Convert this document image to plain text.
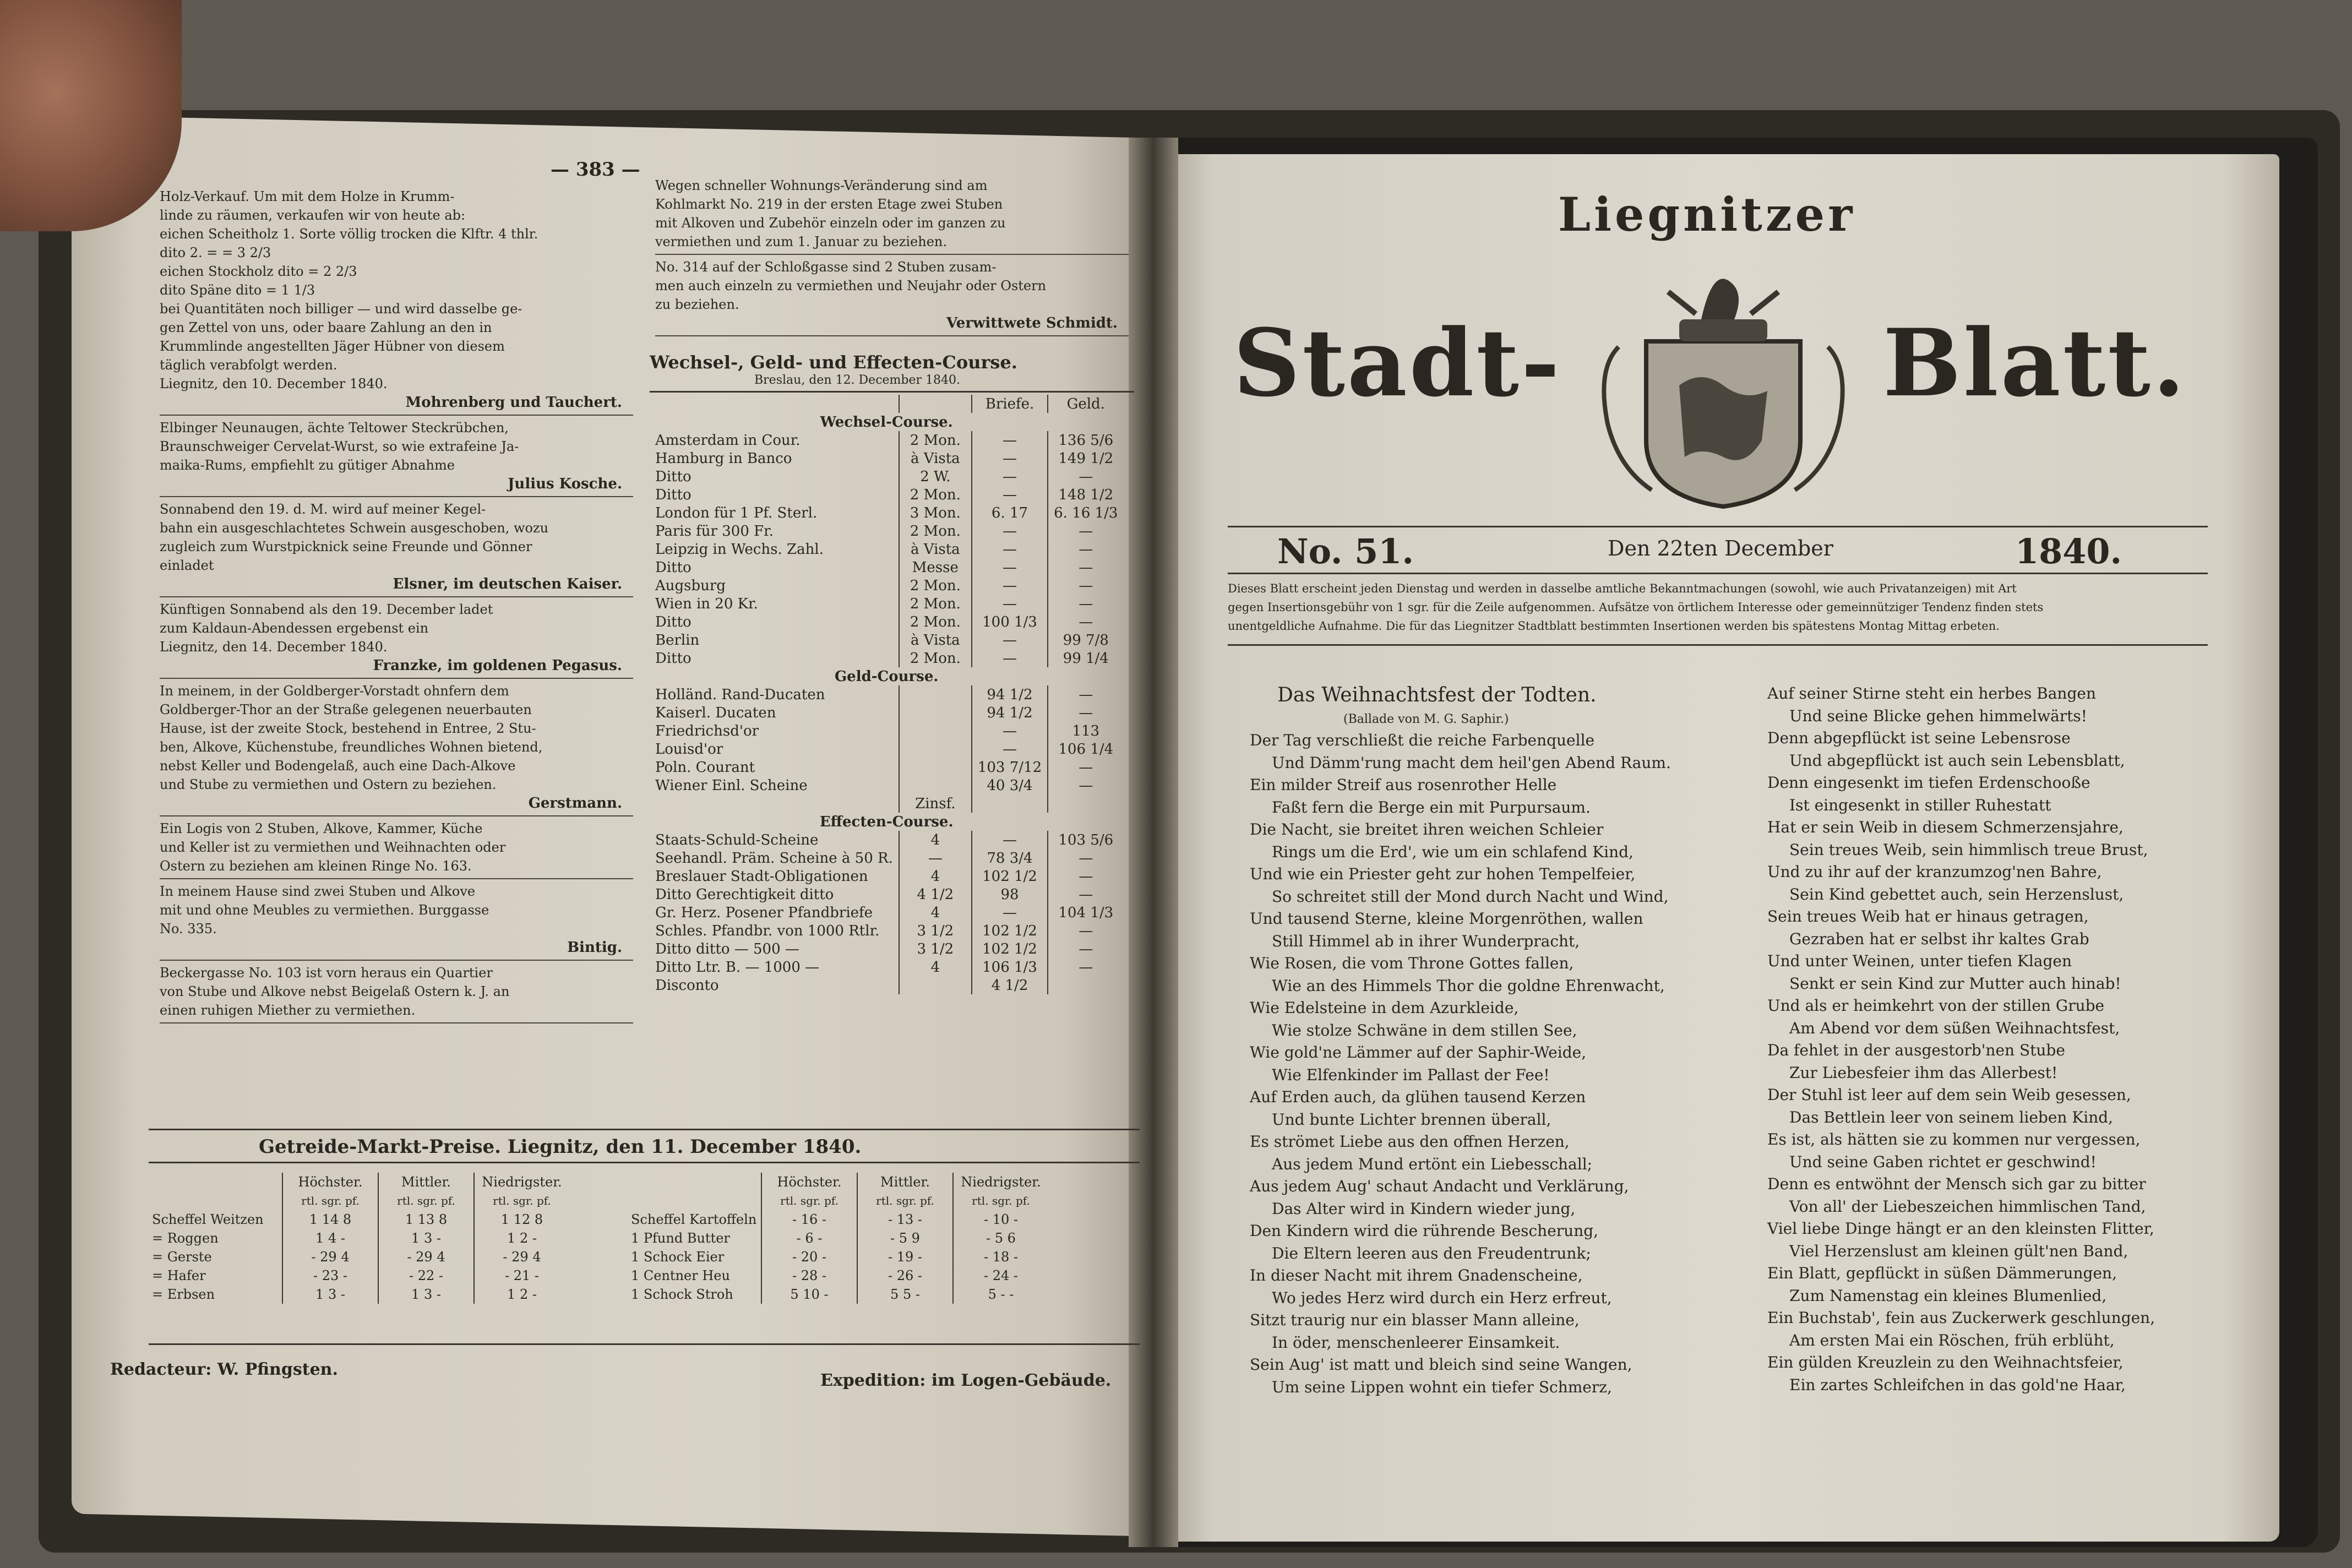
— 383 —
Holz-Verkauf. Um mit dem Holze in Krumm-
linde zu räumen, verkaufen wir von heute ab:
eichen Scheitholz 1. Sorte völlig trocken die Klftr. 4 thlr.
dito 2. = = 3 2/3
eichen Stockholz dito = 2 2/3
dito Späne dito = 1 1/3
bei Quantitäten noch billiger — und wird dasselbe ge-
gen Zettel von uns, oder baare Zahlung an den in
Krummlinde angestellten Jäger Hübner von diesem
täglich verabfolgt werden.
Liegnitz, den 10. December 1840.
Mohrenberg und Tauchert.
Elbinger Neunaugen, ächte Teltower Steckrübchen,
Braunschweiger Cervelat-Wurst, so wie extrafeine Ja-
maika-Rums, empfiehlt zu gütiger Abnahme
Julius Kosche.
Sonnabend den 19. d. M. wird auf meiner Kegel-
bahn ein ausgeschlachtetes Schwein ausgeschoben, wozu
zugleich zum Wurstpicknick seine Freunde und Gönner
einladet
Elsner, im deutschen Kaiser.
Künftigen Sonnabend als den 19. December ladet
zum Kaldaun-Abendessen ergebenst ein
Liegnitz, den 14. December 1840.
Franzke, im goldenen Pegasus.
In meinem, in der Goldberger-Vorstadt ohnfern dem
Goldberger-Thor an der Straße gelegenen neuerbauten
Hause, ist der zweite Stock, bestehend in Entree, 2 Stu-
ben, Alkove, Küchenstube, freundliches Wohnen bietend,
nebst Keller und Bodengelaß, auch eine Dach-Alkove
und Stube zu vermiethen und Ostern zu beziehen.
Gerstmann.
Ein Logis von 2 Stuben, Alkove, Kammer, Küche
und Keller ist zu vermiethen und Weihnachten oder
Ostern zu beziehen am kleinen Ringe No. 163.
In meinem Hause sind zwei Stuben und Alkove
mit und ohne Meubles zu vermiethen. Burggasse
No. 335.
Bintig.
Beckergasse No. 103 ist vorn heraus ein Quartier
von Stube und Alkove nebst Beigelaß Ostern k. J. an
einen ruhigen Miether zu vermiethen.
Wegen schneller Wohnungs-Veränderung sind am
Kohlmarkt No. 219 in der ersten Etage zwei Stuben
mit Alkoven und Zubehör einzeln oder im ganzen zu
vermiethen und zum 1. Januar zu beziehen.
No. 314 auf der Schloßgasse sind 2 Stuben zusam-
men auch einzeln zu vermiethen und Neujahr oder Ostern
zu beziehen.
Verwittwete Schmidt.
Wechsel-, Geld- und Effecten-Course.
Breslau, den 12. December 1840.
		Briefe.	Geld.
Wechsel-Course.			
Amsterdam in Cour.	2 Mon.	—	136 5/6
Hamburg in Banco	à Vista	—	149 1/2
Ditto	2 W.	—	—
Ditto	2 Mon.	—	148 1/2
London für 1 Pf. Sterl.	3 Mon.	6. 17	6. 16 1/3
Paris für 300 Fr.	2 Mon.	—	—
Leipzig in Wechs. Zahl.	à Vista	—	—
Ditto	Messe	—	—
Augsburg	2 Mon.	—	—
Wien in 20 Kr.	2 Mon.	—	—
Ditto	2 Mon.	100 1/3	—
Berlin	à Vista	—	99 7/8
Ditto	2 Mon.	—	99 1/4
Geld-Course.			
Holländ. Rand-Ducaten		94 1/2	—
Kaiserl. Ducaten		94 1/2	—
Friedrichsd'or		—	113
Louisd'or		—	106 1/4
Poln. Courant		103 7/12	—
Wiener Einl. Scheine		40 3/4	—
	Zinsf.		
Effecten-Course.			
Staats-Schuld-Scheine	4	—	103 5/6
Seehandl. Präm. Scheine à 50 R.	—	78 3/4	—
Breslauer Stadt-Obligationen	4	102 1/2	—
Ditto Gerechtigkeit ditto	4 1/2	98	—
Gr. Herz. Posener Pfandbriefe	4	—	104 1/3
Schles. Pfandbr. von 1000 Rtlr.	3 1/2	102 1/2	—
Ditto ditto — 500 —	3 1/2	102 1/2	—
Ditto Ltr. B. — 1000 —	4	106 1/3	—
Disconto		4 1/2	
Getreide-Markt-Preise. Liegnitz, den 11. December 1840.
	Höchster.	Mittler.	Niedrigster.
	rtl. sgr. pf.	rtl. sgr. pf.	rtl. sgr. pf.
Scheffel Weitzen	1 14 8	1 13 8	1 12 8
= Roggen	1 4 -	1 3 -	1 2 -
= Gerste	- 29 4	- 29 4	- 29 4
= Hafer	- 23 -	- 22 -	- 21 -
= Erbsen	1 3 -	1 3 -	1 2 -
	Höchster.	Mittler.	Niedrigster.
	rtl. sgr. pf.	rtl. sgr. pf.	rtl. sgr. pf.
Scheffel Kartoffeln	- 16 -	- 13 -	- 10 -
1 Pfund Butter	- 6 -	- 5 9	- 5 6
1 Schock Eier	- 20 -	- 19 -	- 18 -
1 Centner Heu	- 28 -	- 26 -	- 24 -
1 Schock Stroh	5 10 -	5 5 -	5 - -
Redacteur: W. Pfingsten.
Expedition: im Logen-Gebäude.
Liegnitzer
Stadt-	Blatt.
No. 51.	Den 22ten December	1840.
Dieses Blatt erscheint jeden Dienstag und werden in dasselbe amtliche Bekanntmachungen (sowohl, wie auch Privatanzeigen) mit Art
gegen Insertionsgebühr von 1 sgr. für die Zeile aufgenommen. Aufsätze von örtlichem Interesse oder gemeinnütziger Tendenz finden stets
unentgeldliche Aufnahme. Die für das Liegnitzer Stadtblatt bestimmten Insertionen werden bis spätestens Montag Mittag erbeten.
Das Weihnachtsfest der Todten.
(Ballade von M. G. Saphir.)
Der Tag verschließt die reiche Farbenquelle
Und Dämm'rung macht dem heil'gen Abend Raum.
Ein milder Streif aus rosenrother Helle
Faßt fern die Berge ein mit Purpursaum.
Die Nacht, sie breitet ihren weichen Schleier
Rings um die Erd', wie um ein schlafend Kind,
Und wie ein Priester geht zur hohen Tempelfeier,
So schreitet still der Mond durch Nacht und Wind,
Und tausend Sterne, kleine Morgenröthen, wallen
Still Himmel ab in ihrer Wunderpracht,
Wie Rosen, die vom Throne Gottes fallen,
Wie an des Himmels Thor die goldne Ehrenwacht,
Wie Edelsteine in dem Azurkleide,
Wie stolze Schwäne in dem stillen See,
Wie gold'ne Lämmer auf der Saphir-Weide,
Wie Elfenkinder im Pallast der Fee!
Auf Erden auch, da glühen tausend Kerzen
Und bunte Lichter brennen überall,
Es strömet Liebe aus den offnen Herzen,
Aus jedem Mund ertönt ein Liebesschall;
Aus jedem Aug' schaut Andacht und Verklärung,
Das Alter wird in Kindern wieder jung,
Den Kindern wird die rührende Bescherung,
Die Eltern leeren aus den Freudentrunk;
In dieser Nacht mit ihrem Gnadenscheine,
Wo jedes Herz wird durch ein Herz erfreut,
Sitzt traurig nur ein blasser Mann alleine,
In öder, menschenleerer Einsamkeit.
Sein Aug' ist matt und bleich sind seine Wangen,
Um seine Lippen wohnt ein tiefer Schmerz,
Auf seiner Stirne steht ein herbes Bangen
Und seine Blicke gehen himmelwärts!
Denn abgepflückt ist seine Lebensrose
Und abgepflückt ist auch sein Lebensblatt,
Denn eingesenkt im tiefen Erdenschooße
Ist eingesenkt in stiller Ruhestatt
Hat er sein Weib in diesem Schmerzensjahre,
Sein treues Weib, sein himmlisch treue Brust,
Und zu ihr auf der kranzumzog'nen Bahre,
Sein Kind gebettet auch, sein Herzenslust,
Sein treues Weib hat er hinaus getragen,
Gezraben hat er selbst ihr kaltes Grab
Und unter Weinen, unter tiefen Klagen
Senkt er sein Kind zur Mutter auch hinab!
Und als er heimkehrt von der stillen Grube
Am Abend vor dem süßen Weihnachtsfest,
Da fehlet in der ausgestorb'nen Stube
Zur Liebesfeier ihm das Allerbest!
Der Stuhl ist leer auf dem sein Weib gesessen,
Das Bettlein leer von seinem lieben Kind,
Es ist, als hätten sie zu kommen nur vergessen,
Und seine Gaben richtet er geschwind!
Denn es entwöhnt der Mensch sich gar zu bitter
Von all' der Liebeszeichen himmlischen Tand,
Viel liebe Dinge hängt er an den kleinsten Flitter,
Viel Herzenslust am kleinen gült'nen Band,
Ein Blatt, gepflückt in süßen Dämmerungen,
Zum Namenstag ein kleines Blumenlied,
Ein Buchstab', fein aus Zuckerwerk geschlungen,
Am ersten Mai ein Röschen, früh erblüht,
Ein gülden Kreuzlein zu den Weihnachtsfeier,
Ein zartes Schleifchen in das gold'ne Haar,
